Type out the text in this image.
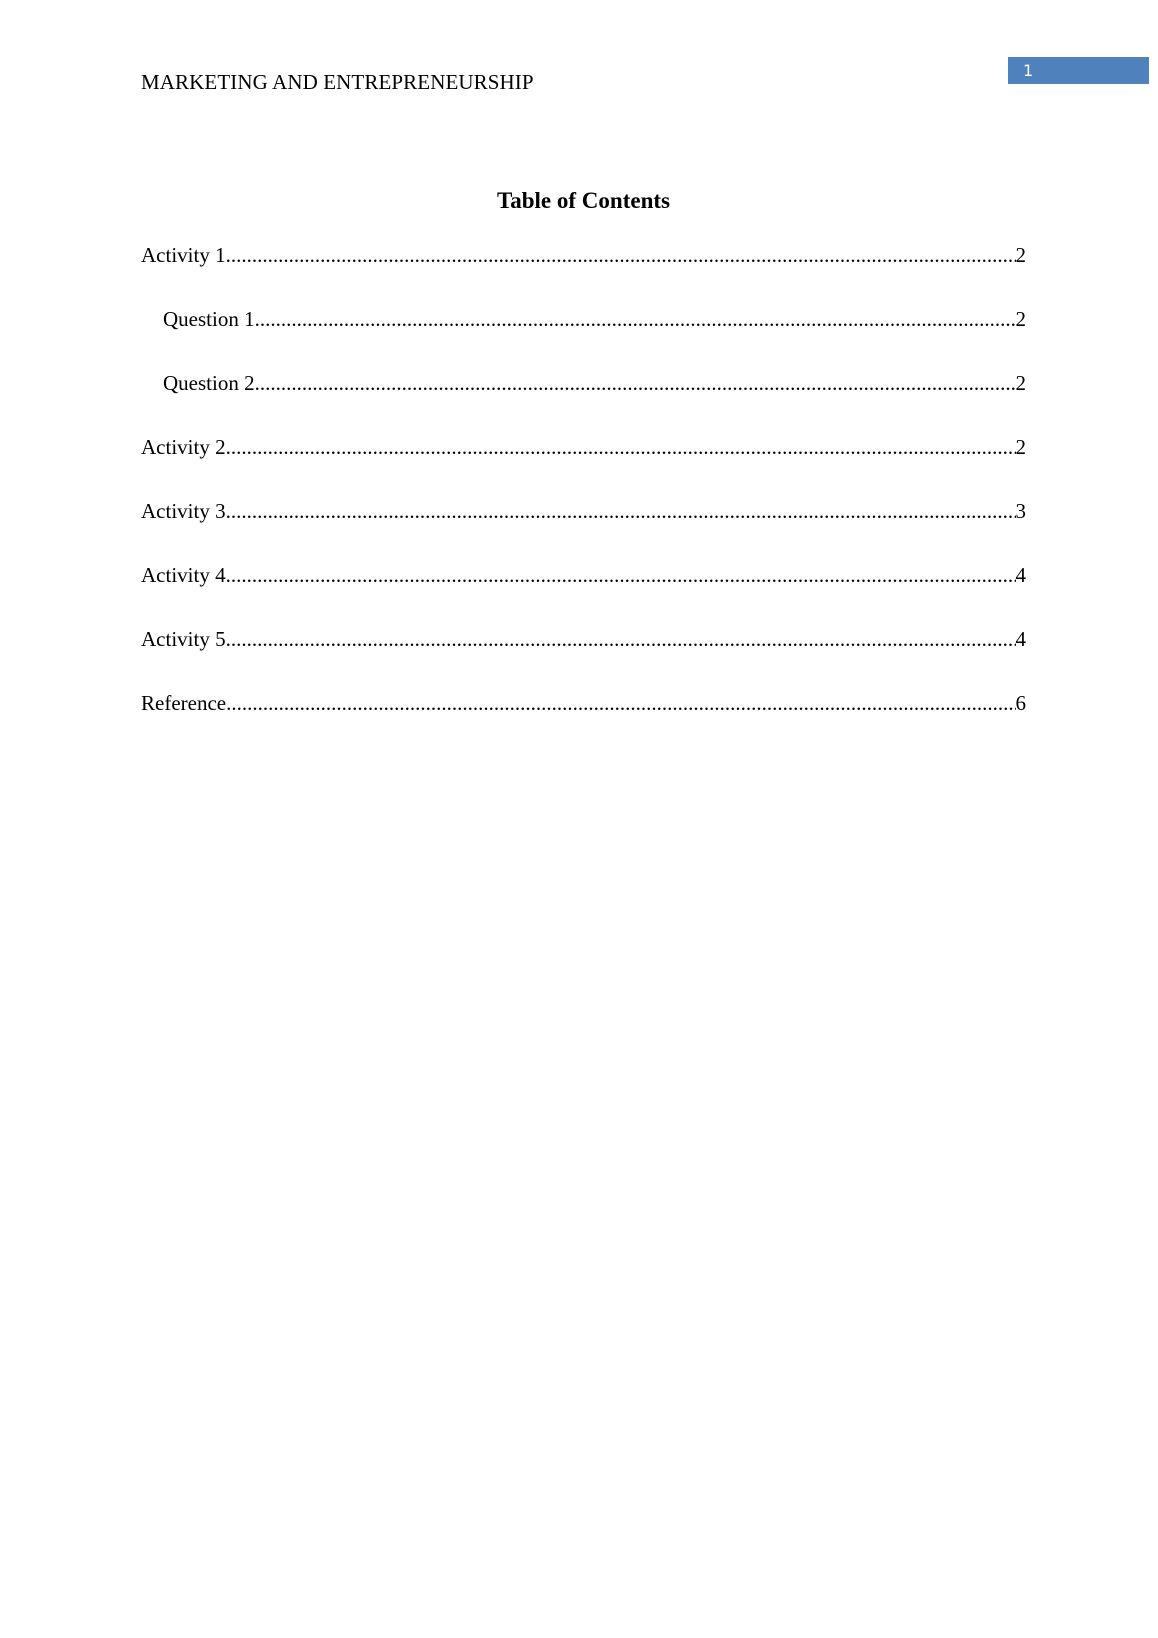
MARKETING AND ENTREPRENEURSHIP	1
Table of Contents
Activity 1 .....	2
Question 1 .....	2
Question 2 .....	2
Activity 2 .....	2
Activity 3 .....	3
Activity 4 .....	4
Activity 5 .....	4
Reference .....	6
